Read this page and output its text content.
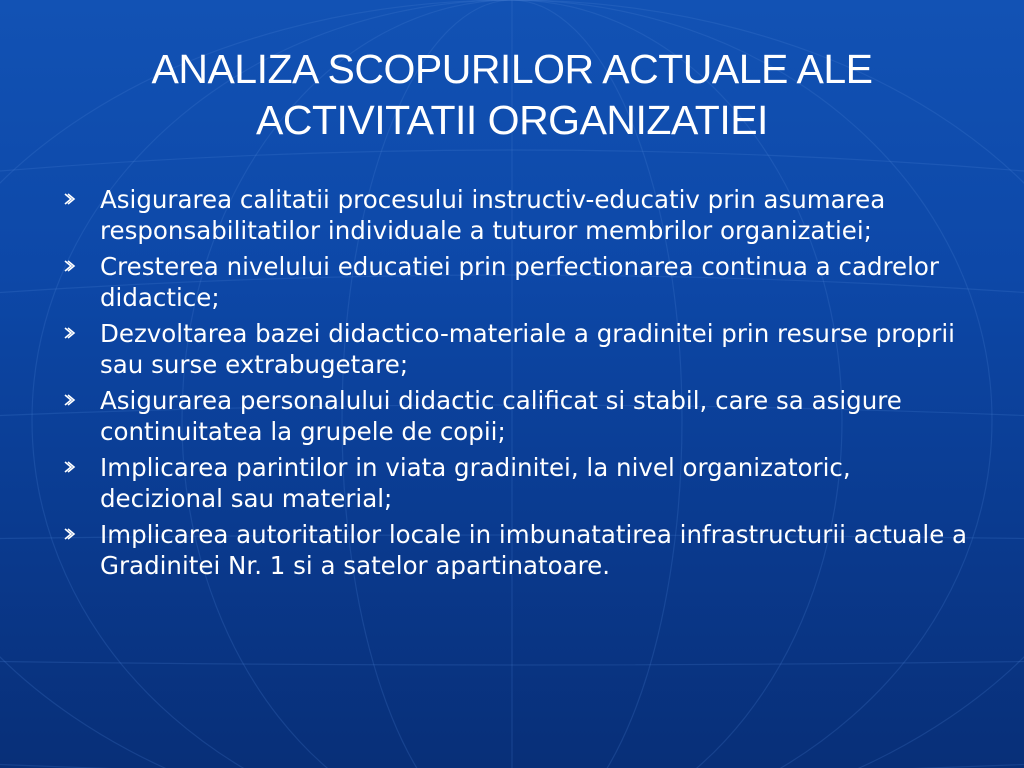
ANALIZA SCOPURILOR ACTUALE ALE
ACTIVITATII ORGANIZATIEI
Asigurarea calitatii procesului instructiv-educativ prin asumarea responsabilitatilor individuale a tuturor membrilor organizatiei;
Cresterea nivelului educatiei prin perfectionarea continua a cadrelor didactice;
Dezvoltarea bazei didactico-materiale a gradinitei prin resurse proprii sau surse extrabugetare;
Asigurarea personalului didactic calificat si stabil, care sa asigure continuitatea la grupele de copii;
Implicarea parintilor in viata gradinitei, la nivel organizatoric, decizional sau material;
Implicarea autoritatilor locale in imbunatatirea infrastructurii actuale a Gradinitei Nr. 1 si a satelor apartinatoare.
